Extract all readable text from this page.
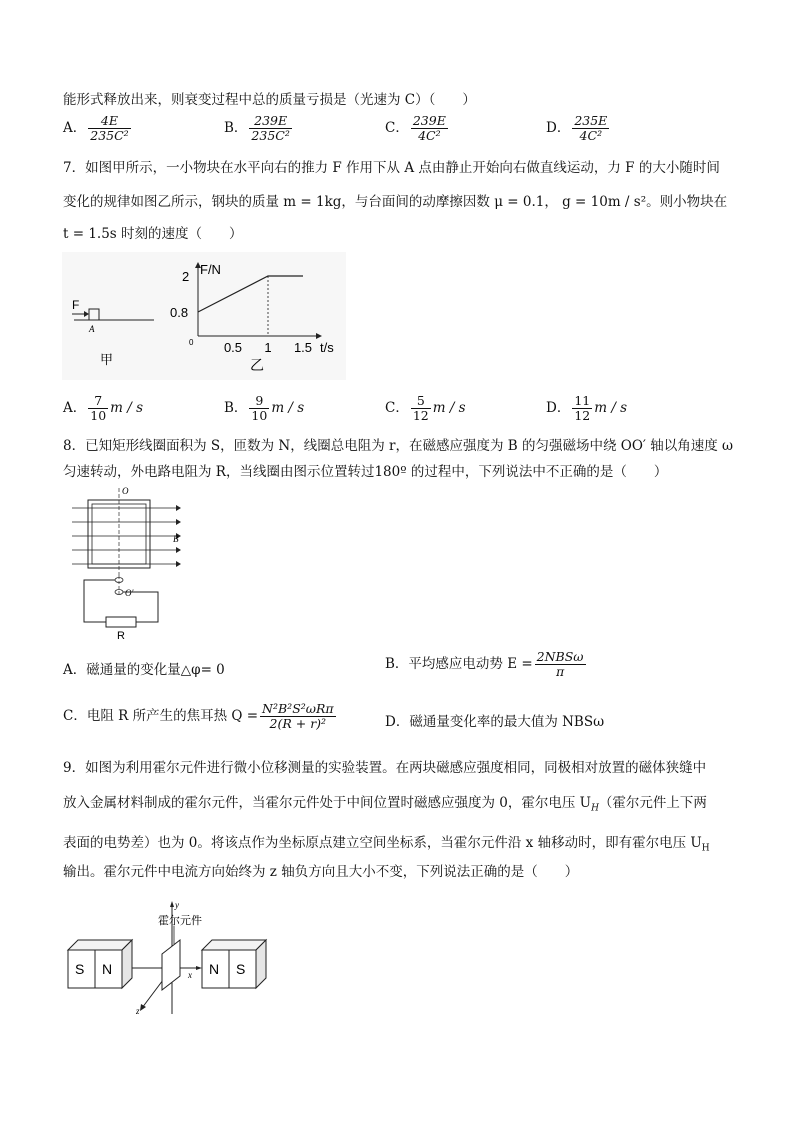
能形式释放出来，则衰变过程中总的质量亏损是（光速为 C）（　　）
A． $\frac{4E}{\text{235C²}}$	B． $\frac{239E}{\text{235C²}}$	C． $\frac{239E}{\text{4C²}}$	D． $\frac{235E}{\text{4C²}}$
7．如图甲所示，一小物块在水平向右的推力 F 作用下从 A 点由静止开始向右做直线运动，力 F 的大小随时间
变化的规律如图乙所示，钢块的质量 m = 1kg，与台面间的动摩擦因数 μ = 0.1， g = 10m / s²。则小物块在
t = 1.5s 时刻的速度（　　）
F
A
甲
F/N
t/s
0
2
0.8
0.5 1 1.5
乙
A． $\frac{7}{10}$ m / s	B． $\frac{9}{10}$ m / s	C． $\frac{5}{12}$ m / s	D． $\frac{11}{12}$ m / s
8．已知矩形线圈面积为 S，匝数为 N，线圈总电阻为 r，在磁感应强度为 B 的匀强磁场中绕 OO′ 轴以角速度 ω
匀速转动，外电路电阻为 R，当线圈由图示位置转过180º 的过程中，下列说法中不正确的是（　　）
O
B
O′
R
A．磁通量的变化量△φ= 0	B．平均感应电动势 $E = \frac{\text{2NBSω}}{\pi}$
C．电阻 R 所产生的焦耳热 $Q = \frac{\text{N²B²S²ωRπ}}{\text{2(R + r)²}}$	D．磁通量变化率的最大值为 NBSω
9．如图为利用霍尔元件进行微小位移测量的实验装置。在两块磁感应强度相同，同极相对放置的磁体狭缝中
放入金属材料制成的霍尔元件，当霍尔元件处于中间位置时磁感应强度为 0，霍尔电压 $U_H$（霍尔元件上下两
表面的电势差）也为 0。将该点作为坐标原点建立空间坐标系，当霍尔元件沿 x 轴移动时，即有霍尔电压 $U_H$
输出。霍尔元件中电流方向始终为 z 轴负方向且大小不变，下列说法正确的是（　　）
S N	N S
y
x
z
霍尔元件
